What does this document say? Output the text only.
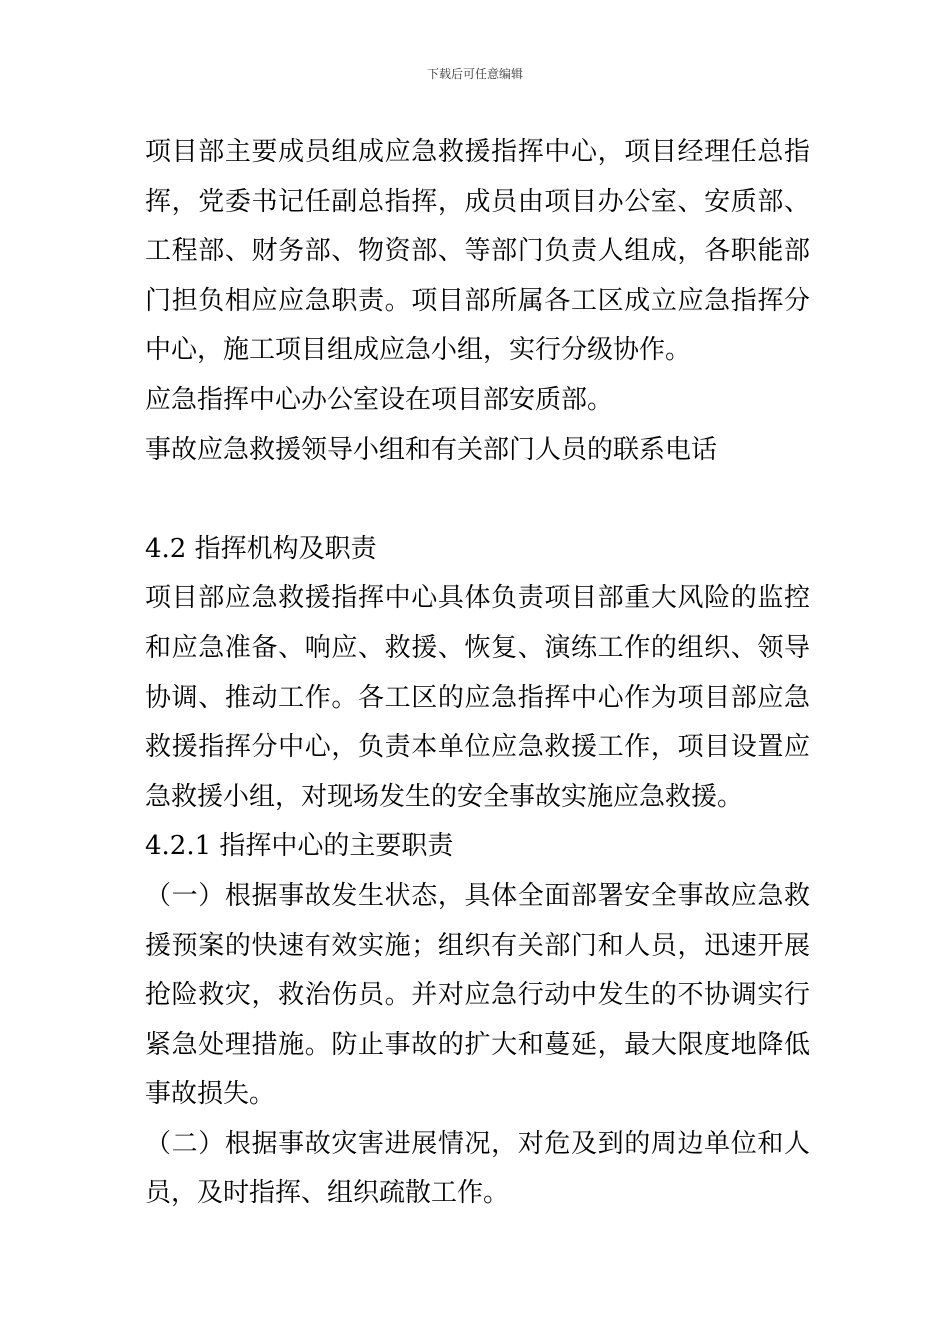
下载后可任意编辑

项目部主要成员组成应急救援指挥中心，项目经理任总指挥，党委书记任副总指挥，成员由项目办公室、安质部、工程部、财务部、物资部、等部门负责人组成，各职能部门担负相应应急职责。项目部所属各工区成立应急指挥分中心，施工项目组成应急小组，实行分级协作。

应急指挥中心办公室设在项目部安质部。

事故应急救援领导小组和有关部门人员的联系电话

4.2 指挥机构及职责

项目部应急救援指挥中心具体负责项目部重大风险的监控和应急准备、响应、救援、恢复、演练工作的组织、领导协调、推动工作。各工区的应急指挥中心作为项目部应急救援指挥分中心，负责本单位应急救援工作，项目设置应急救援小组，对现场发生的安全事故实施应急救援。

4.2.1 指挥中心的主要职责

（一）根据事故发生状态，具体全面部署安全事故应急救援预案的快速有效实施；组织有关部门和人员，迅速开展抢险救灾，救治伤员。并对应急行动中发生的不协调实行紧急处理措施。防止事故的扩大和蔓延，最大限度地降低事故损失。

（二）根据事故灾害进展情况，对危及到的周边单位和人员，及时指挥、组织疏散工作。
